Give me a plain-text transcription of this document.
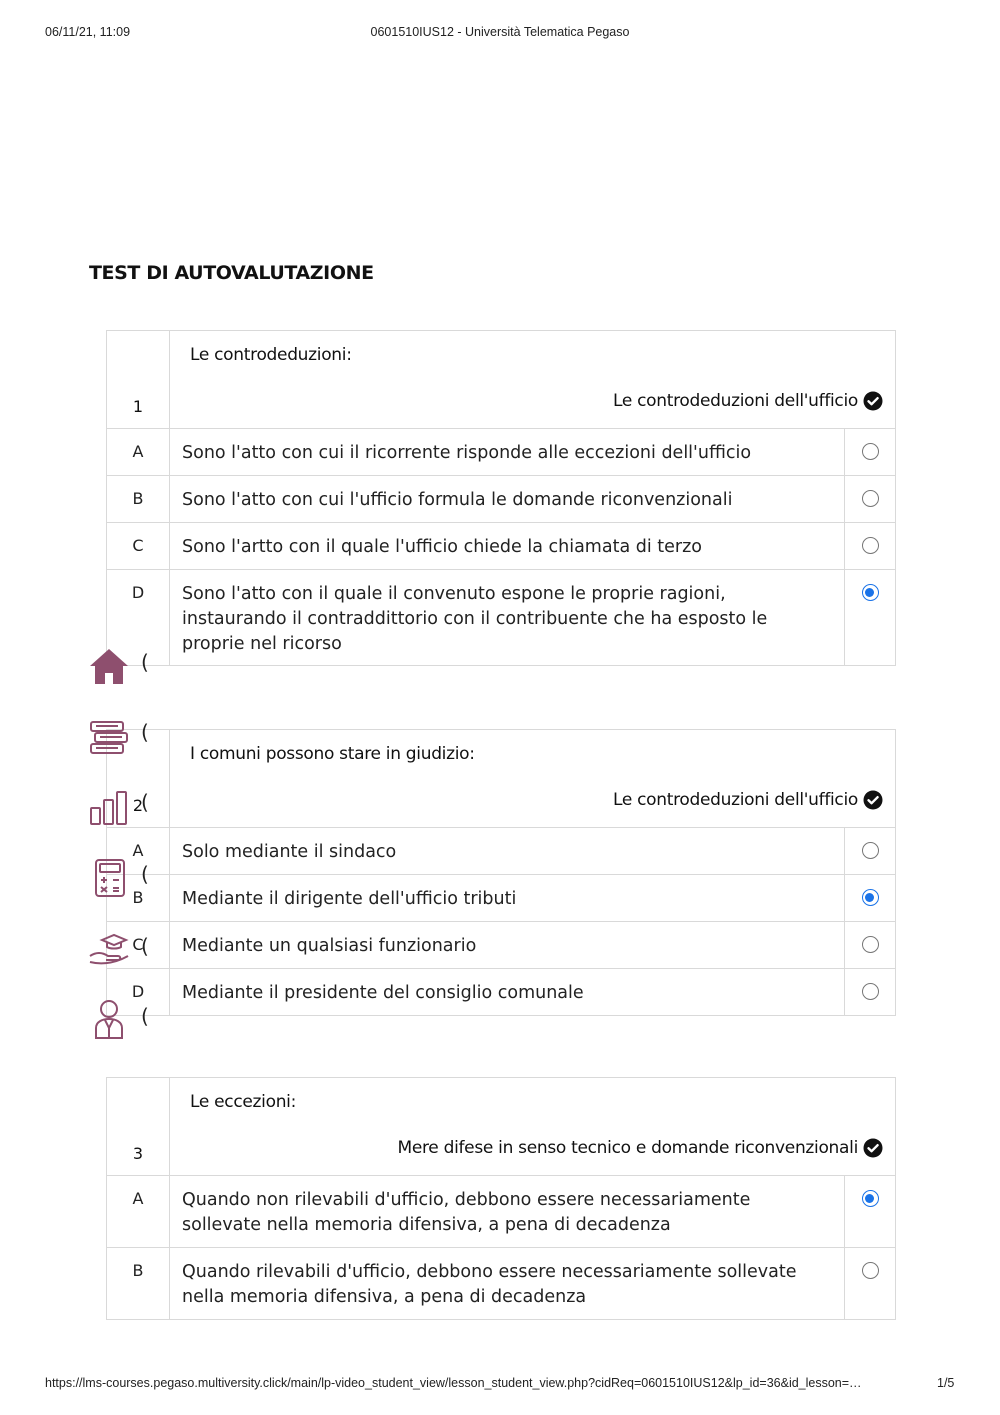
06/11/21, 11:09	0601510IUS12 - Università Telematica Pegaso
TEST DI AUTOVALUTAZIONE
1	Le controdeduzioni:
Le controdeduzioni dell'ufficio	

A	Sono l'atto con cui il ricorrente risponde alle eccezioni dell'ufficio	
B	Sono l'atto con cui l'ufficio formula le domande riconvenzionali	
C	Sono l'artto con il quale l'ufficio chiede la chiamata di terzo	
D	Sono l'atto con il quale il convenuto espone le proprie ragioni, instaurando il contraddittorio con il contribuente che ha esposto le proprie nel ricorso	
2	I comuni possono stare in giudizio:
Le controdeduzioni dell'ufficio	

A	Solo mediante il sindaco	
B	Mediante il dirigente dell'ufficio tributi	
C	Mediante un qualsiasi funzionario	
D	Mediante il presidente del consiglio comunale	
3	Le eccezioni:
Mere difese in senso tecnico e domande riconvenzionali	

A	Quando non rilevabili d'ufficio, debbono essere necessariamente sollevate nella memoria difensiva, a pena di decadenza	
B	Quando rilevabili d'ufficio, debbono essere necessariamente sollevate nella memoria difensiva, a pena di decadenza	
(
(
(
(
(
(
https://lms-courses.pegaso.multiversity.click/main/lp-video_student_view/lesson_student_view.php?cidReq=0601510IUS12&lp_id=36&id_lesson=…	1/5
